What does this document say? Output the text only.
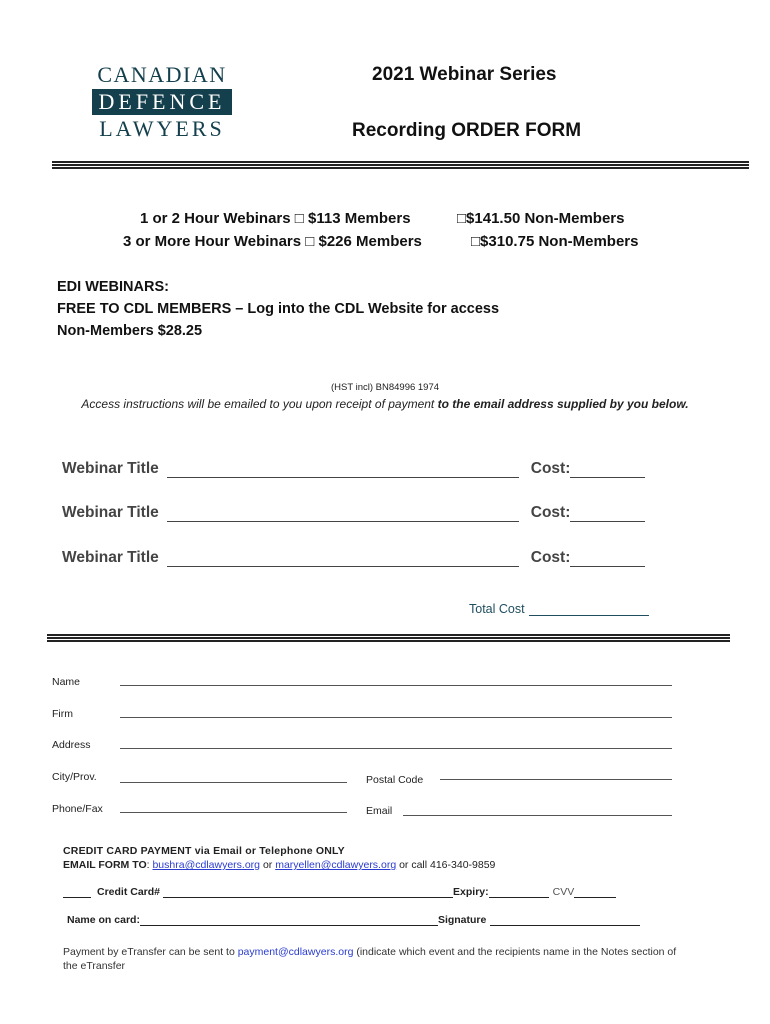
CANADIAN
DEFENCE
LAWYERS
2021 Webinar Series
Recording ORDER FORM
1 or 2 Hour Webinars □ $113 Members	□$141.50 Non-Members
3 or More Hour Webinars □ $226 Members	□$310.75 Non-Members
EDI WEBINARS:
FREE TO CDL MEMBERS – Log into the CDL Website for access
Non-Members $28.25
(HST incl) BN84996 1974
Access instructions will be emailed to you upon receipt of payment to the email address supplied by you below.
Webinar Title	Cost:
Webinar Title	Cost:
Webinar Title	Cost:
Total Cost
Name
Firm
Address
City/Prov.	Postal Code
Phone/Fax	Email
CREDIT CARD PAYMENT via Email or Telephone ONLY
EMAIL FORM TO: bushra@cdlawyers.org or maryellen@cdlawyers.org or call 416-340-9859
Credit Card#	Expiry:	CVV
Name on card:	Signature
Payment by eTransfer can be sent to payment@cdlawyers.org (indicate which event and the recipients name in the Notes section of the eTransfer
